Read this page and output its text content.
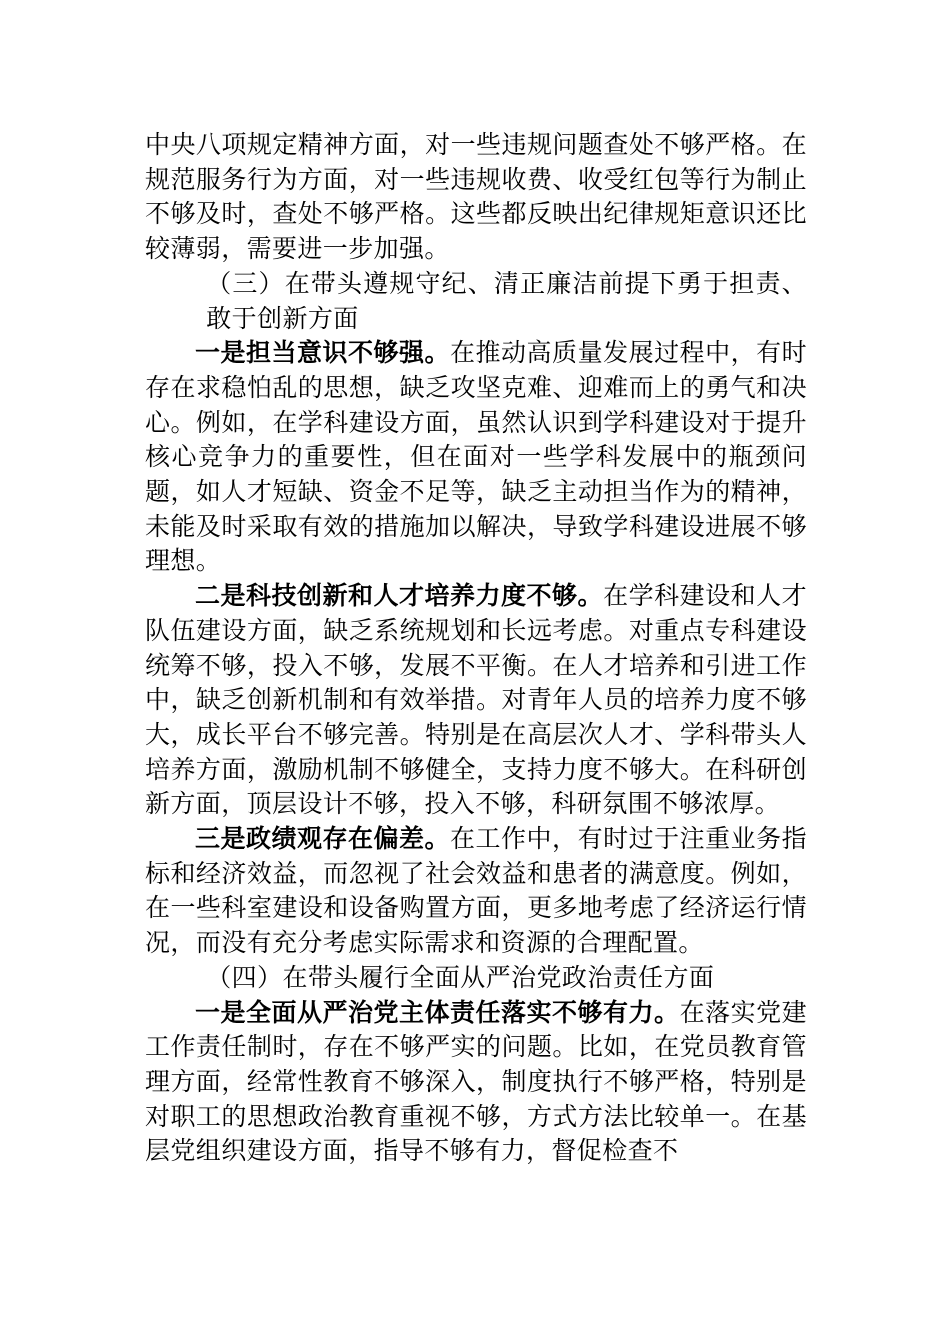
中央八项规定精神方面，对一些违规问题查处不够严格。在规范服务行为方面，对一些违规收费、收受红包等行为制止不够及时，查处不够严格。这些都反映出纪律规矩意识还比较薄弱，需要进一步加强。

（三）在带头遵规守纪、清正廉洁前提下勇于担责、敢于创新方面

一是担当意识不够强。在推动高质量发展过程中，有时存在求稳怕乱的思想，缺乏攻坚克难、迎难而上的勇气和决心。例如，在学科建设方面，虽然认识到学科建设对于提升核心竞争力的重要性，但在面对一些学科发展中的瓶颈问题，如人才短缺、资金不足等，缺乏主动担当作为的精神，未能及时采取有效的措施加以解决，导致学科建设进展不够理想。

二是科技创新和人才培养力度不够。在学科建设和人才队伍建设方面，缺乏系统规划和长远考虑。对重点专科建设统筹不够，投入不够，发展不平衡。在人才培养和引进工作中，缺乏创新机制和有效举措。对青年人员的培养力度不够大，成长平台不够完善。特别是在高层次人才、学科带头人培养方面，激励机制不够健全，支持力度不够大。在科研创新方面，顶层设计不够，投入不够，科研氛围不够浓厚。

三是政绩观存在偏差。在工作中，有时过于注重业务指标和经济效益，而忽视了社会效益和患者的满意度。例如，在一些科室建设和设备购置方面，更多地考虑了经济运行情况，而没有充分考虑实际需求和资源的合理配置。

（四）在带头履行全面从严治党政治责任方面

一是全面从严治党主体责任落实不够有力。在落实党建工作责任制时，存在不够严实的问题。比如，在党员教育管理方面，经常性教育不够深入，制度执行不够严格，特别是对职工的思想政治教育重视不够，方式方法比较单一。在基层党组织建设方面，指导不够有力，督促检查不
